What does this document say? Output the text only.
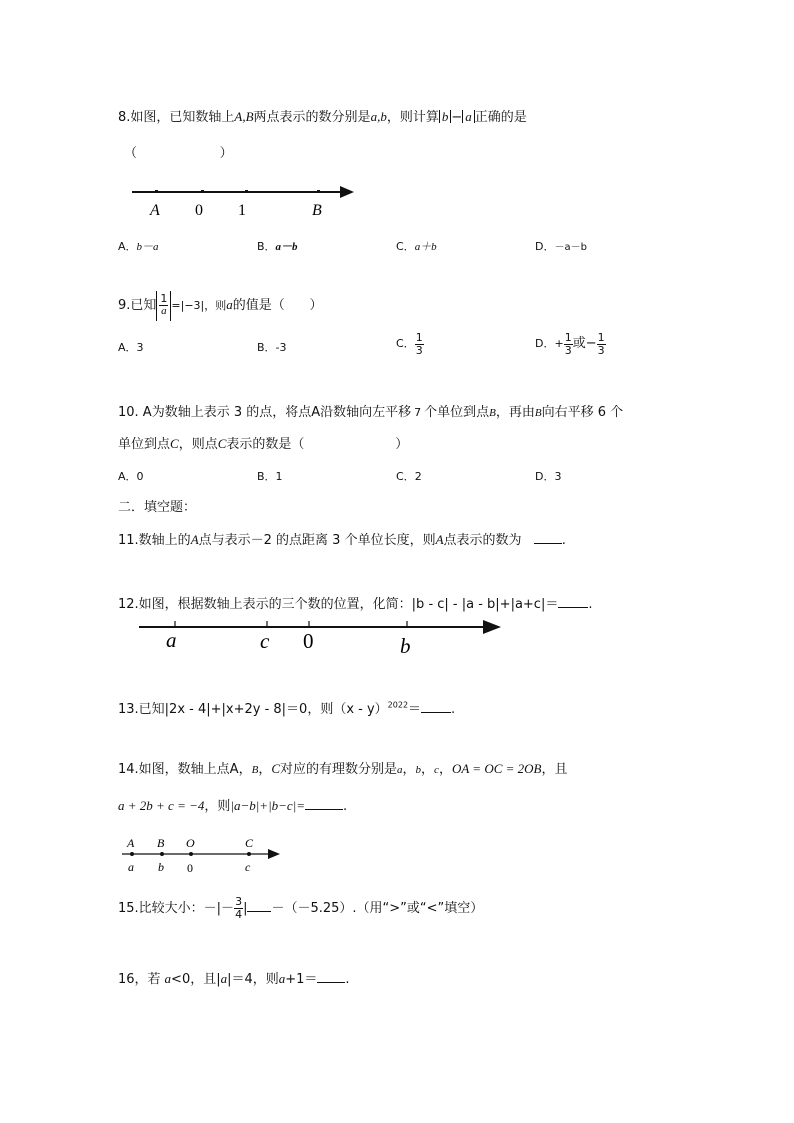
8.如图，已知数轴上A,B两点表示的数分别是a,b，则计算 b − a 正确的是
（                    ）
A 0 1	B
A．b－a	B．a－b	C．a＋b	D．－a－b
9.已知 $\frac{1}{a} =|-3|$，则a的值是（      ）
A．3	B．-3	C． $\frac{1}{3}$	D．+ $\frac{1}{3}$ 或− $\frac{1}{3}$
10. A为数轴上表示 3 的点，将点A沿数轴向左平移 7 个单位到点B，再由B向右平移 6 个
单位到点C，则点C表示的数是（                      ）
A．0	B．1	C．2	D．3
二．填空题：
11.数轴上的A点与表示－2 的点距离 3 个单位长度，则A点表示的数为	.
12.如图，根据数轴上表示的三个数的位置，化简：|b - c| - |a - b|+|a+c|＝ .
a	c 0	b
13.已知|2x - 4|+|x+2y - 8|＝0，则（x - y）$^{2022}$＝ .
14.如图，数轴上点A，B，C对应的有理数分别是a，b，c，OA = OC = 2OB，且
a + 2b + c = −4，则|a−b|+|b−c|=	.
A B O	C
a b 0	c
15.比较大小：－|－ $\frac{3}{4}$ | －（－5.25）.（用“>”或“<”填空）
16，若 a<0，且|a|＝4，则a+1＝ .
